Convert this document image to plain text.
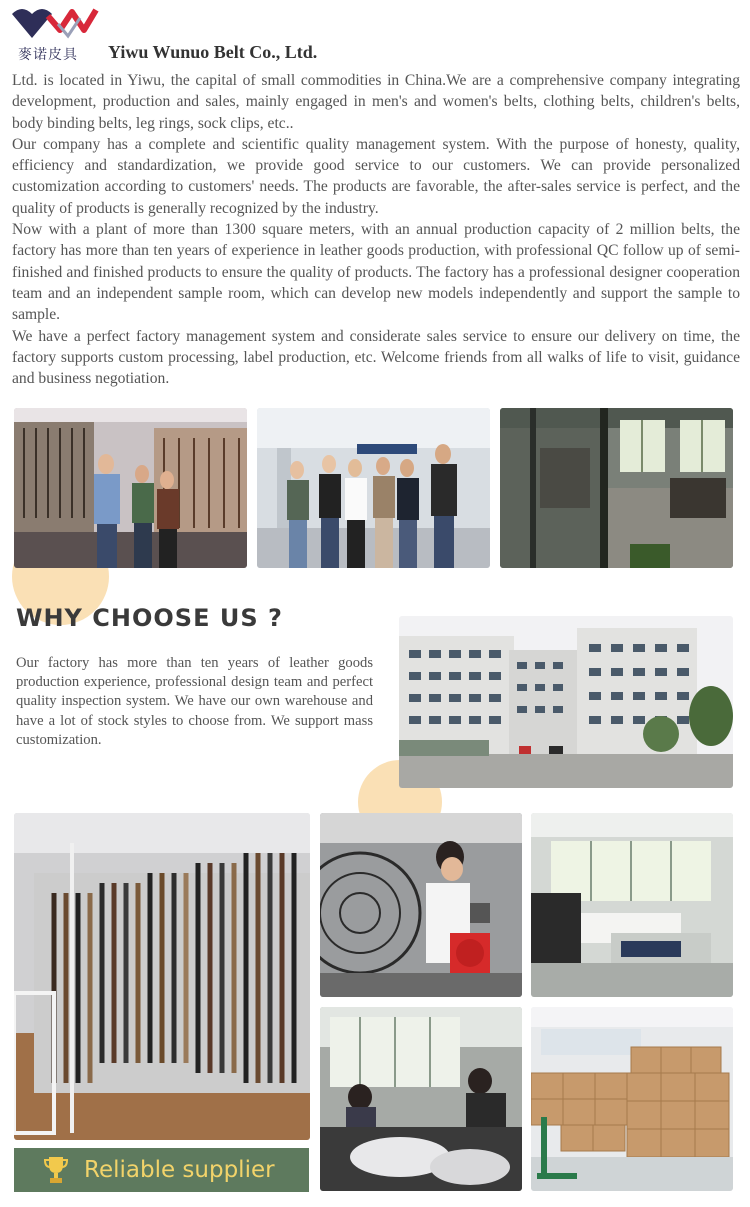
麥诺皮具 Yiwu Wunuo Belt Co., Ltd.

Ltd. is located in Yiwu, the capital of small commodities in China.We are a comprehensive company integrating development, production and sales, mainly engaged in men's and women's belts, clothing belts, children's belts, body binding belts, leg rings, sock clips, etc..

Our company has a complete and scientific quality management system. With the purpose of honesty, quality, efficiency and standardization, we provide good service to our customers. We can provide personalized customization according to customers' needs. The products are favorable, the after-sales service is perfect, and the quality of products is generally recognized by the industry.

Now with a plant of more than 1300 square meters, with an annual production capacity of 2 million belts, the factory has more than ten years of experience in leather goods production, with professional QC follow up of semi-finished and finished products to ensure the quality of products. The factory has a professional designer cooperation team and an independent sample room, which can develop new models independently and support the sample to sample.

We have a perfect factory management system and considerate sales service to ensure our delivery on time, the factory supports custom processing, label production, etc. Welcome friends from all walks of life to visit, guidance and business negotiation.

WHY CHOOSE US ?
Our factory has more than ten years of leather goods production experience, professional design team and perfect quality inspection system. We have our own warehouse and have a lot of stock styles to choose from. We support mass customization.
Reliable supplier
